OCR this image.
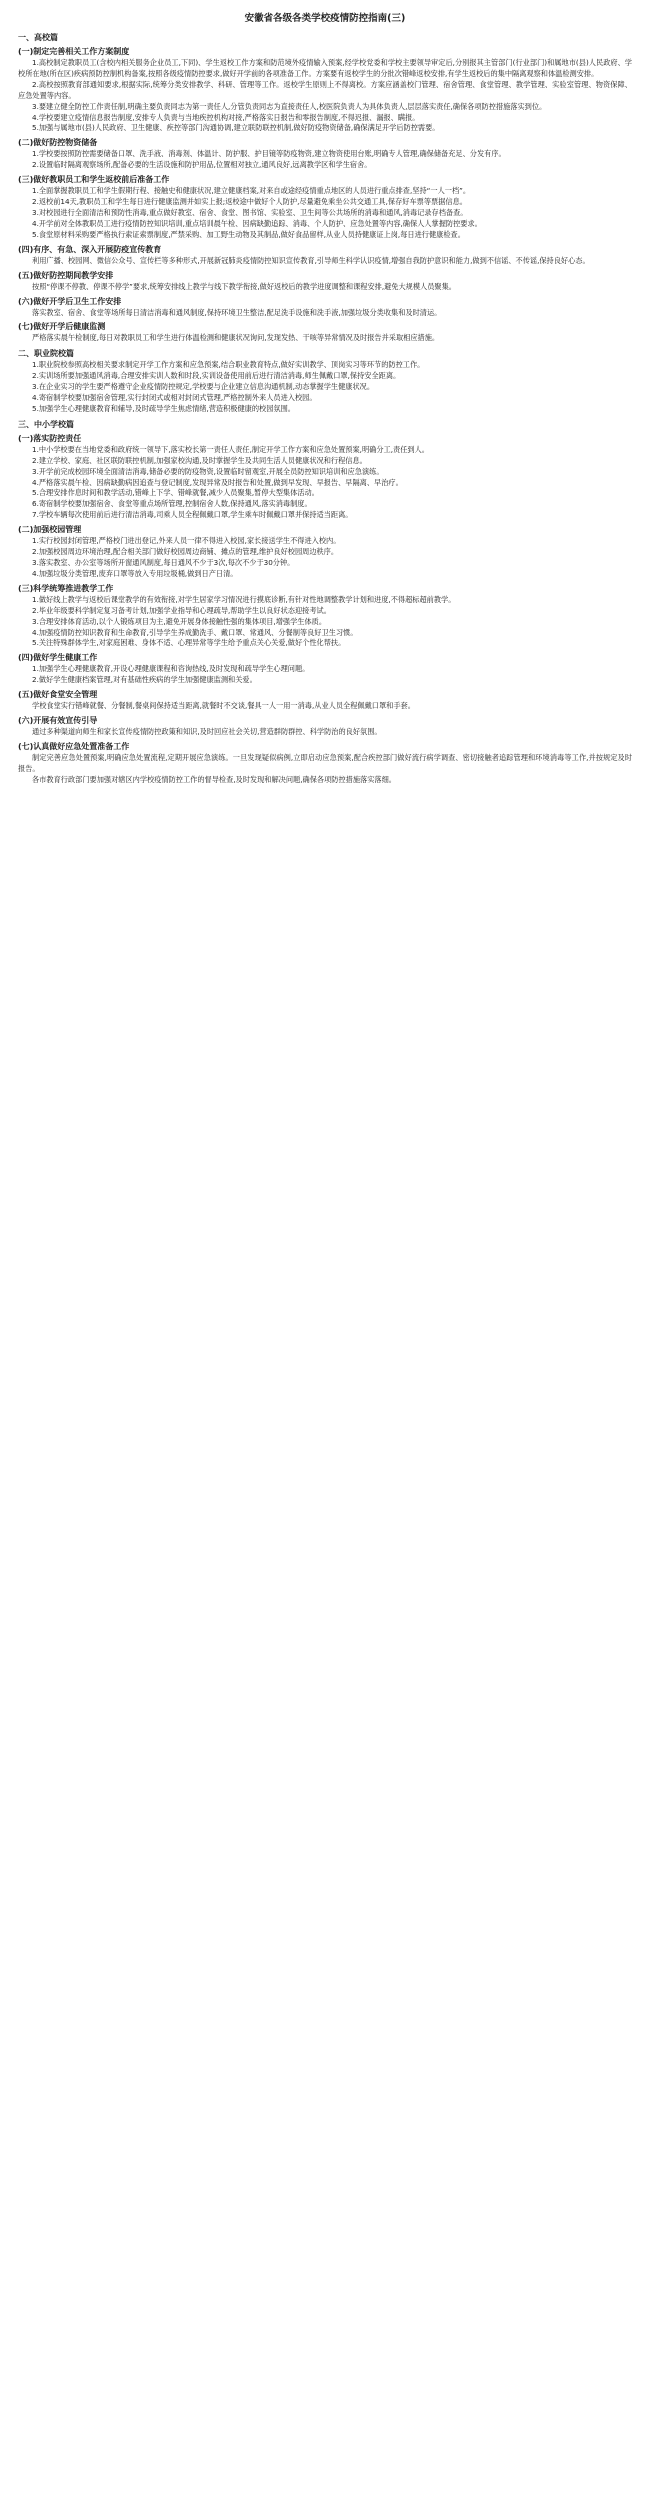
安徽省各级各类学校疫情防控指南(三)
一、高校篇
(一)制定完善相关工作方案制度
1.高校制定教职员工(含校内相关服务企业员工,下同)、学生返校工作方案和防范境外疫情输入预案,经学校党委和学校主要领导审定后,分别报其主管部门(行业部门)和属地市(县)人民政府、学校所在地(所在区)疾病预防控制机构备案,按照各级疫情防控要求,做好开学前的各项准备工作。方案要有返校学生的分批次错峰返校安排,有学生返校后的集中隔离观察和体温检测安排。
2.高校按照教育部通知要求,根据实际,统筹分类安排教学、科研、管理等工作。返校学生原则上不得离校。方案应涵盖校门管理、宿舍管理、食堂管理、教学管理、实验室管理、物资保障、应急处置等内容。
3.要建立健全防控工作责任制,明确主要负责同志为第一责任人,分管负责同志为直接责任人,校医院负责人为具体负责人,层层落实责任,确保各项防控措施落实到位。
4.学校要建立疫情信息报告制度,安排专人负责与当地疾控机构对接,严格落实日报告和零报告制度,不得迟报、漏报、瞒报。
5.加强与属地市(县)人民政府、卫生健康、疾控等部门沟通协调,建立联防联控机制,做好防疫物资储备,确保满足开学后防控需要。
(二)做好防控物资储备
1.学校要按照防控需要储备口罩、洗手液、消毒剂、体温计、防护服、护目镜等防疫物资,建立物资使用台账,明确专人管理,确保储备充足、分发有序。
2.设置临时隔离观察场所,配备必要的生活设施和防护用品,位置相对独立,通风良好,远离教学区和学生宿舍。
(三)做好教职员工和学生返校前后准备工作
1.全面掌握教职员工和学生假期行程、接触史和健康状况,建立健康档案,对来自或途经疫情重点地区的人员进行重点排查,坚持“一人一档”。
2.返校前14天,教职员工和学生每日进行健康监测并如实上报;返校途中做好个人防护,尽量避免乘坐公共交通工具,保存好车票等票据信息。
3.对校园进行全面清洁和预防性消毒,重点做好教室、宿舍、食堂、图书馆、实验室、卫生间等公共场所的消毒和通风,消毒记录存档备查。
4.开学前对全体教职员工进行疫情防控知识培训,重点培训晨午检、因病缺勤追踪、消毒、个人防护、应急处置等内容,确保人人掌握防控要求。
5.食堂原材料采购要严格执行索证索票制度,严禁采购、加工野生动物及其制品,做好食品留样,从业人员持健康证上岗,每日进行健康检查。
(四)有序、有急、深入开展防疫宣传教育
利用广播、校园网、微信公众号、宣传栏等多种形式,开展新冠肺炎疫情防控知识宣传教育,引导师生科学认识疫情,增强自我防护意识和能力,做到不信谣、不传谣,保持良好心态。
(五)做好防控期间教学安排
按照“停课不停教、停课不停学”要求,统筹安排线上教学与线下教学衔接,做好返校后的教学进度调整和课程安排,避免大规模人员聚集。
(六)做好开学后卫生工作安排
落实教室、宿舍、食堂等场所每日清洁消毒和通风制度,保持环境卫生整洁,配足洗手设施和洗手液,加强垃圾分类收集和及时清运。
(七)做好开学后健康监测
严格落实晨午检制度,每日对教职员工和学生进行体温检测和健康状况询问,发现发热、干咳等异常情况及时报告并采取相应措施。
二、职业院校篇
1.职业院校参照高校相关要求制定开学工作方案和应急预案,结合职业教育特点,做好实训教学、顶岗实习等环节的防控工作。
2.实训场所要加强通风消毒,合理安排实训人数和时段,实训设备使用前后进行清洁消毒,师生佩戴口罩,保持安全距离。
3.在企业实习的学生要严格遵守企业疫情防控规定,学校要与企业建立信息沟通机制,动态掌握学生健康状况。
4.寄宿制学校要加强宿舍管理,实行封闭式或相对封闭式管理,严格控制外来人员进入校园。
5.加强学生心理健康教育和辅导,及时疏导学生焦虑情绪,营造积极健康的校园氛围。
三、中小学校篇
(一)落实防控责任
1.中小学校要在当地党委和政府统一领导下,落实校长第一责任人责任,制定开学工作方案和应急处置预案,明确分工,责任到人。
2.建立学校、家庭、社区联防联控机制,加强家校沟通,及时掌握学生及共同生活人员健康状况和行程信息。
3.开学前完成校园环境全面清洁消毒,储备必要的防疫物资,设置临时留观室,开展全员防控知识培训和应急演练。
4.严格落实晨午检、因病缺勤病因追查与登记制度,发现异常及时报告和处置,做到早发现、早报告、早隔离、早治疗。
5.合理安排作息时间和教学活动,错峰上下学、错峰就餐,减少人员聚集,暂停大型集体活动。
6.寄宿制学校要加强宿舍、食堂等重点场所管理,控制宿舍人数,保持通风,落实消毒制度。
7.学校车辆每次使用前后进行清洁消毒,司乘人员全程佩戴口罩,学生乘车时佩戴口罩并保持适当距离。
(二)加强校园管理
1.实行校园封闭管理,严格校门进出登记,外来人员一律不得进入校园,家长接送学生不得进入校内。
2.加强校园周边环境治理,配合相关部门做好校园周边商铺、摊点的管理,维护良好校园周边秩序。
3.落实教室、办公室等场所开窗通风制度,每日通风不少于3次,每次不少于30分钟。
4.加强垃圾分类管理,废弃口罩等放入专用垃圾桶,做到日产日清。
(三)科学统筹推进教学工作
1.做好线上教学与返校后课堂教学的有效衔接,对学生居家学习情况进行摸底诊断,有针对性地调整教学计划和进度,不得超标超前教学。
2.毕业年级要科学制定复习备考计划,加强学业指导和心理疏导,帮助学生以良好状态迎接考试。
3.合理安排体育活动,以个人锻炼项目为主,避免开展身体接触性强的集体项目,增强学生体质。
4.加强疫情防控知识教育和生命教育,引导学生养成勤洗手、戴口罩、常通风、分餐制等良好卫生习惯。
5.关注特殊群体学生,对家庭困难、身体不适、心理异常等学生给予重点关心关爱,做好个性化帮扶。
(四)做好学生健康工作
1.加强学生心理健康教育,开设心理健康课程和咨询热线,及时发现和疏导学生心理问题。
2.做好学生健康档案管理,对有基础性疾病的学生加强健康监测和关爱。
(五)做好食堂安全管理
学校食堂实行错峰就餐、分餐制,餐桌间保持适当距离,就餐时不交谈,餐具一人一用一消毒,从业人员全程佩戴口罩和手套。
(六)开展有效宣传引导
通过多种渠道向师生和家长宣传疫情防控政策和知识,及时回应社会关切,营造群防群控、科学防治的良好氛围。
(七)认真做好应急处置准备工作
制定完善应急处置预案,明确应急处置流程,定期开展应急演练。一旦发现疑似病例,立即启动应急预案,配合疾控部门做好流行病学调查、密切接触者追踪管理和环境消毒等工作,并按规定及时报告。
各市教育行政部门要加强对辖区内学校疫情防控工作的督导检查,及时发现和解决问题,确保各项防控措施落实落细。
